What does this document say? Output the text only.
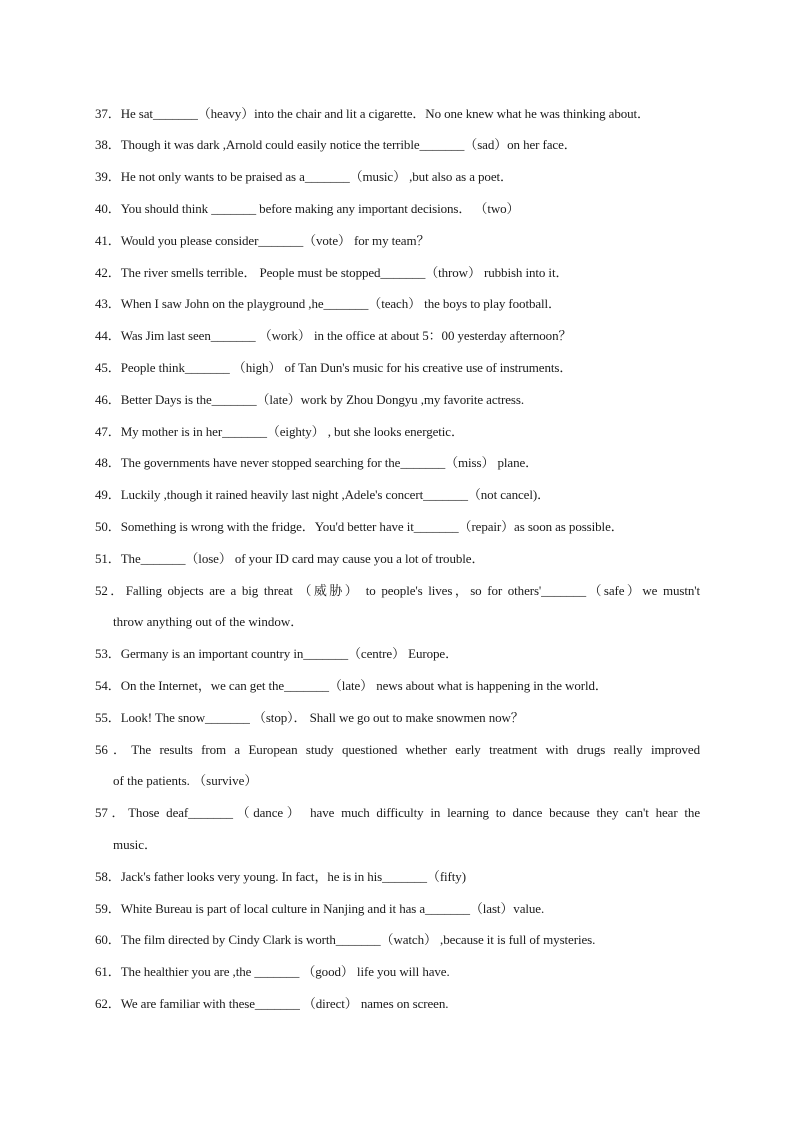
37．He sat_______（heavy）into the chair and lit a cigarette．No one knew what he was thinking about．
38．Though it was dark ,Arnold could easily notice the terrible_______（sad）on her face．
39．He not only wants to be praised as a_______（music） ,but also as a poet．
40．You should think _______ before making any important decisions． （two）
41．Would you please consider_______（vote） for my team？
42．The river smells terrible． People must be stopped_______（throw） rubbish into it．
43．When I saw John on the playground ,he_______（teach） the boys to play football．
44．Was Jim last seen_______ （work） in the office at about 5：00 yesterday afternoon？
45．People think_______ （high） of Tan Dun's music for his creative use of instruments．
46．Better Days is the_______（late）work by Zhou Dongyu ,my favorite actress.
47．My mother is in her_______（eighty） , but she looks energetic．
48．The governments have never stopped searching for the_______（miss） plane．
49．Luckily ,though it rained heavily last night ,Adele's concert_______（not cancel)．
50．Something is wrong with the fridge．You'd better have it_______（repair）as soon as possible．
51．The_______（lose） of your ID card may cause you a lot of trouble．
52．Falling objects are a big threat （威胁） to people's lives，so for others'_______（safe）we mustn't
throw anything out of the window．
53．Germany is an important country in_______（centre） Europe．
54．On the Internet，we can get the_______（late） news about what is happening in the world．
55．Look! The snow_______ （stop）． Shall we go out to make snowmen now？
56．The results from a European study questioned whether early treatment with drugs really improved
of the patients. （survive）
57．Those deaf_______（dance） have much difficulty in learning to dance because they can't hear the
music．
58．Jack's father looks very young. In fact，he is in his_______（fifty)
59．White Bureau is part of local culture in Nanjing and it has a_______（last）value.
60．The film directed by Cindy Clark is worth_______（watch） ,because it is full of mysteries.
61．The healthier you are ,the _______ （good） life you will have.
62．We are familiar with these_______ （direct） names on screen.
